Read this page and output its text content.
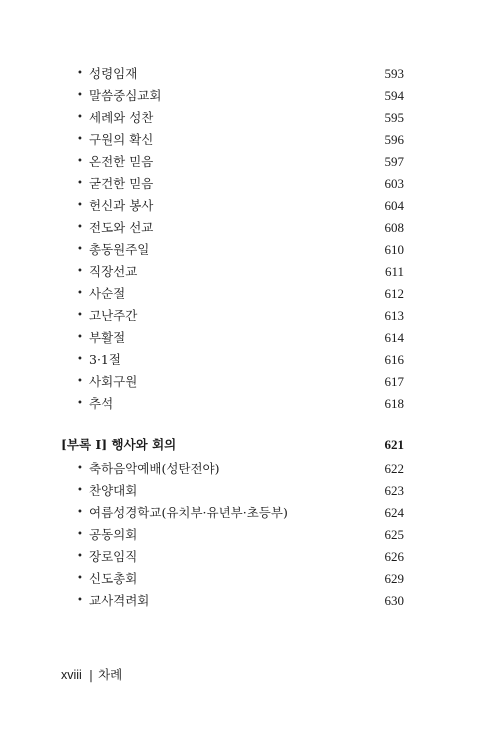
• 성령임재	593
• 말씀중심교회	594
• 세례와 성찬	595
• 구원의 확신	596
• 온전한 믿음	597
• 굳건한 믿음	603
• 헌신과 봉사	604
• 전도와 선교	608
• 총동원주일	610
• 직장선교	611
• 사순절	612
• 고난주간	613
• 부활절	614
• 3·1절	616
• 사회구원	617
• 추석	618
[부록 I] 행사와 회의	621
• 축하음악예배(성탄전야)	622
• 찬양대회	623
• 여름성경학교(유치부·유년부·초등부)	624
• 공동의회	625
• 장로임직	626
• 신도총회	629
• 교사격려회	630
xviii | 차례
